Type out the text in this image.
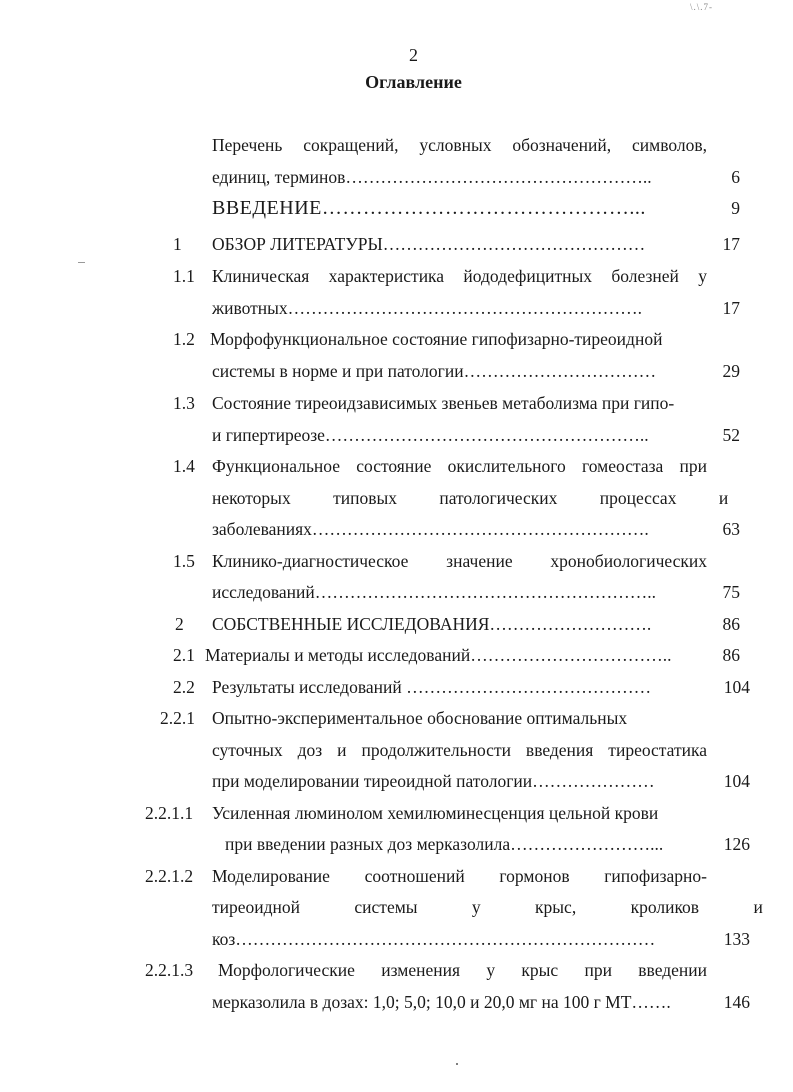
\.\.7-
2
Оглавление
Перечень сокращений, условных обозначений, символов,
единиц, терминов……………………………………………..	6
ВВЕДЕНИЕ………………………………………...	9
1 ОБЗОР ЛИТЕРАТУРЫ………………………………………	17
1.1 Клиническая характеристика йододефицитных болезней у
животных…………………………………………………….	17
1.2 Морфофункциональное состояние гипофизарно-тиреоидной
системы в норме и при патологии……………………………	29
1.3 Состояние тиреоидзависимых звеньев метаболизма при гипо-
и гипертиреозе………………………………………………..	52
1.4 Функциональное состояние окислительного гомеостаза при
некоторых типовых патологических процессах и
заболеваниях………………………………………………….	63
1.5 Клинико-диагностическое значение хронобиологических
исследований…………………………………………………..	75
2 СОБСТВЕННЫЕ ИССЛЕДОВАНИЯ……………………….	86
2.1 Материалы и методы исследований……………………………..	86
2.2 Результаты исследований ……………………………………	104
2.2.1 Опытно-экспериментальное обоснование оптимальных
суточных доз и продолжительности введения тиреостатика
при моделировании тиреоидной патологии…………………	104
2.2.1.1 Усиленная люминолом хемилюминесценция цельной крови
при введении разных доз мерказолила……………………...	126
2.2.1.2 Моделирование соотношений гормонов гипофизарно-
тиреоидной системы у крыс, кроликов и
коз………………………………………………………………	133
2.2.1.3 Морфологические изменения у крыс при введении
мерказолила в дозах: 1,0; 5,0; 10,0 и 20,0 мг на 100 г МТ…….	146
